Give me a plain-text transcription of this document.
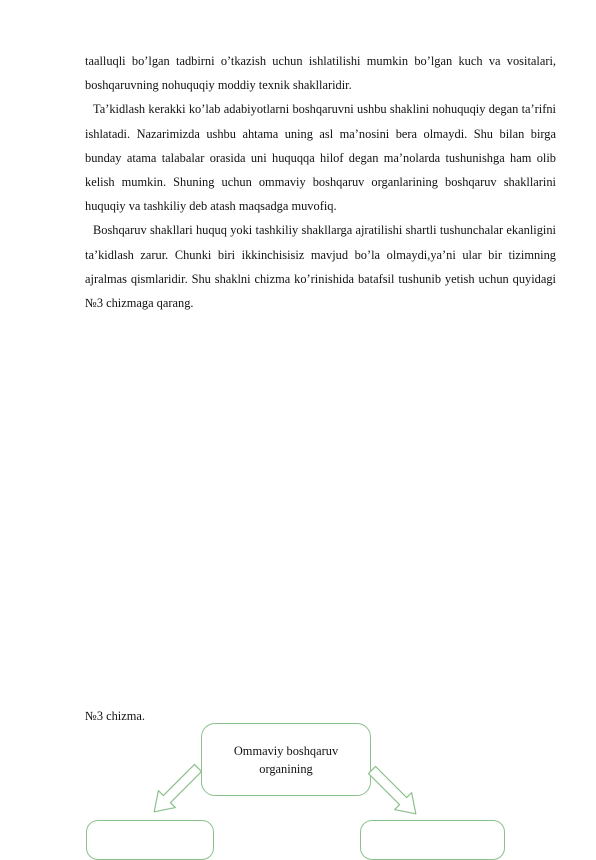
taalluqli bo’lgan tadbirni o’tkazish uchun ishlatilishi mumkin bo’lgan kuch va vositalari, boshqaruvning nohuquqiy moddiy texnik shakllaridir.

Ta’kidlash kerakki ko’lab adabiyotlarni boshqaruvni ushbu shaklini nohuquqiy degan ta’rifni ishlatadi. Nazarimizda ushbu ahtama uning asl ma’nosini bera olmaydi. Shu bilan birga bunday atama talabalar orasida uni huquqqa hilof degan ma’nolarda tushunishga ham olib kelish mumkin. Shuning uchun ommaviy boshqaruv organlarining boshqaruv shakllarini huquqiy va tashkiliy deb atash maqsadga muvofiq.

Boshqaruv shakllari huquq yoki tashkiliy shakllarga ajratilishi shartli tushunchalar ekanligini ta’kidlash zarur. Chunki biri ikkinchisisiz mavjud bo’la olmaydi,ya’ni ular bir tizimning ajralmas qismlaridir. Shu shaklni chizma ko’rinishida batafsil tushunib yetish uchun quyidagi №3 chizmaga qarang.

№3 chizma.
Ommaviy boshqaruv organining
